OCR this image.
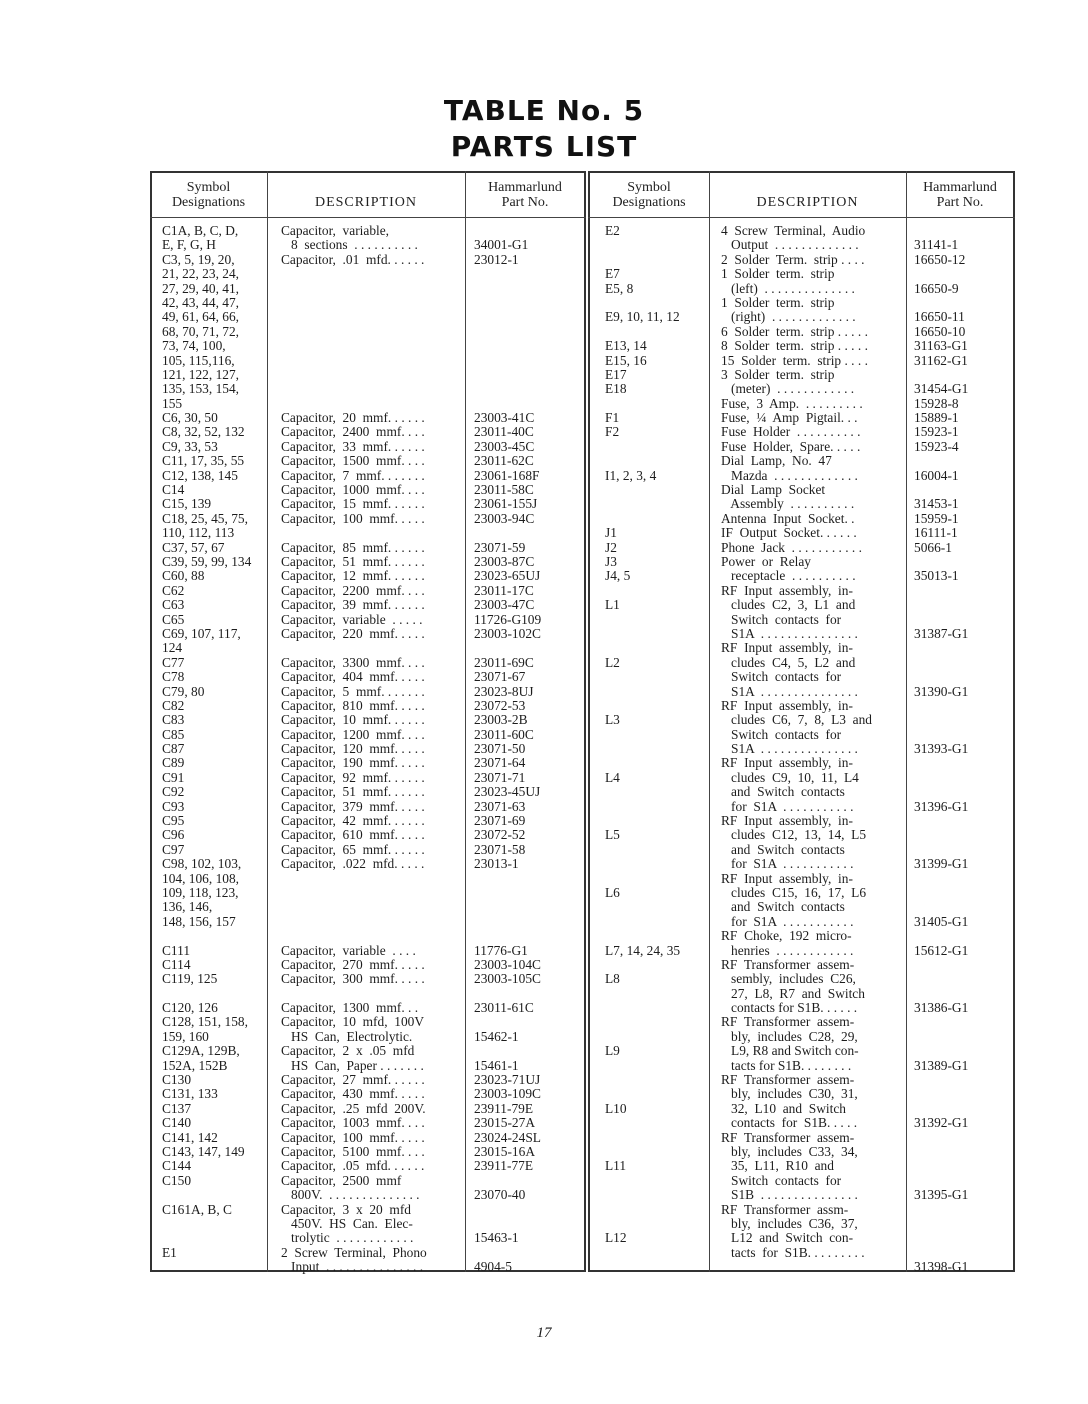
TABLE No. 5
PARTS LIST
Symbol
Designations	DESCRIPTION
Hammarlund
Part No.
Symbol
Designations	DESCRIPTION
Hammarlund
Part No.
C1A, B, C, D,
E, F, G, H
C3, 5, 19, 20,
21, 22, 23, 24,
27, 29, 40, 41,
42, 43, 44, 47,
49, 61, 64, 66,
68, 70, 71, 72,
73, 74, 100,
105, 115,116,
121, 122, 127,
135, 153, 154,
155
C6, 30, 50
C8, 32, 52, 132
C9, 33, 53
C11, 17, 35, 55
C12, 138, 145
C14
C15, 139
C18, 25, 45, 75,
110, 112, 113
C37, 57, 67
C39, 59, 99, 134
C60, 88
C62
C63
C65
C69, 107, 117,
124
C77
C78
C79, 80
C82
C83
C85
C87
C89
C91
C92
C93
C95
C96
C97
C98, 102, 103,
104, 106, 108,
109, 118, 123,
136, 146,
148, 156, 157
C111
C114
C119, 125
C120, 126
C128, 151, 158,
159, 160
C129A, 129B,
152A, 152B
C130
C131, 133
C137
C140
C141, 142
C143, 147, 149
C144
C150
C161A, B, C
E1
Capacitor,  variable,
8  sections  . . . . . . . . . .
Capacitor,  .01  mfd. . . . . .
Capacitor,  20  mmf. . . . . .
Capacitor,  2400  mmf. . . .
Capacitor,  33  mmf. . . . . .
Capacitor,  1500  mmf. . . .
Capacitor,  7  mmf. . . . . . .
Capacitor,  1000  mmf. . . .
Capacitor,  15  mmf. . . . . .
Capacitor,  100  mmf. . . . .
Capacitor,  85  mmf. . . . . .
Capacitor,  51  mmf. . . . . .
Capacitor,  12  mmf. . . . . .
Capacitor,  2200  mmf. . . .
Capacitor,  39  mmf. . . . . .
Capacitor,  variable  . . . . .
Capacitor,  220  mmf. . . . .
Capacitor,  3300  mmf. . . .
Capacitor,  404  mmf. . . . .
Capacitor,  5  mmf. . . . . . .
Capacitor,  810  mmf. . . . .
Capacitor,  10  mmf. . . . . .
Capacitor,  1200  mmf. . . .
Capacitor,  120  mmf. . . . .
Capacitor,  190  mmf. . . . .
Capacitor,  92  mmf. . . . . .
Capacitor,  51  mmf. . . . . .
Capacitor,  379  mmf. . . . .
Capacitor,  42  mmf. . . . . .
Capacitor,  610  mmf. . . . .
Capacitor,  65  mmf. . . . . .
Capacitor,  .022  mfd. . . . .
Capacitor,  variable  . . . .
Capacitor,  270  mmf. . . . .
Capacitor,  300  mmf. . . . .
Capacitor,  1300  mmf. . .
Capacitor,  10  mfd,  100V
HS  Can,  Electrolytic.
Capacitor,  2  x  .05  mfd
HS  Can,  Paper . . . . . . .
Capacitor,  27  mmf. . . . . .
Capacitor,  430  mmf. . . . .
Capacitor,  .25  mfd  200V.
Capacitor,  1003  mmf. . . .
Capacitor,  100  mmf. . . . .
Capacitor,  5100  mmf. . . .
Capacitor,  .05  mfd. . . . . .
Capacitor,  2500  mmf
800V.  . . . . . . . . . . . . . .
Capacitor,  3  x  20  mfd
450V.  HS  Can.  Elec-
trolytic  . . . . . . . . . . . .
2  Screw  Terminal,  Phono
Input  . . . . . . . . . . . . . . .
34001-G1
23012-1
23003-41C
23011-40C
23003-45C
23011-62C
23061-168F
23011-58C
23061-155J
23003-94C
23071-59
23003-87C
23023-65UJ
23011-17C
23003-47C
11726-G109
23003-102C
23011-69C
23071-67
23023-8UJ
23072-53
23003-2B
23011-60C
23071-50
23071-64
23071-71
23023-45UJ
23071-63
23071-69
23072-52
23071-58
23013-1
11776-G1
23003-104C
23003-105C
23011-61C
15462-1
15461-1
23023-71UJ
23003-109C
23911-79E
23015-27A
23024-24SL
23015-16A
23911-77E
23070-40
15463-1
4904-5
E2
E7
E5, 8
E9, 10, 11, 12
E13, 14
E15, 16
E17
E18
F1
F2
I1, 2, 3, 4
J1
J2
J3
J4, 5
L1
L2
L3
L4
L5
L6
L7, 14, 24, 35
L8
L9
L10
L11
L12
4  Screw  Terminal,  Audio
Output  . . . . . . . . . . . . .
2  Solder  Term.  strip . . . .
1  Solder  term.  strip
(left)  . . . . . . . . . . . . . .
1  Solder  term.  strip
(right)  . . . . . . . . . . . . .
6  Solder  term.  strip . . . . .
8  Solder  term.  strip . . . . .
15  Solder  term.  strip . . . .
3  Solder  term.  strip
(meter)  . . . . . . . . . . . .
Fuse,  3  Amp.  . . . . . . . . .
Fuse,  ¼  Amp  Pigtail. . .
Fuse  Holder  . . . . . . . . . .
Fuse  Holder,  Spare. . . . .
Dial  Lamp,  No.  47
Mazda  . . . . . . . . . . . . .
Dial  Lamp  Socket
Assembly  . . . . . . . . . .
Antenna  Input  Socket. .
IF  Output  Socket. . . . . .
Phone  Jack  . . . . . . . . . . .
Power  or  Relay
receptacle  . . . . . . . . . .
RF  Input  assembly,  in-
cludes  C2,  3,  L1  and
Switch  contacts  for
S1A  . . . . . . . . . . . . . . .
RF  Input  assembly,  in-
cludes  C4,  5,  L2  and
Switch  contacts  for
S1A  . . . . . . . . . . . . . . .
RF  Input  assembly,  in-
cludes  C6,  7,  8,  L3  and
Switch  contacts  for
S1A  . . . . . . . . . . . . . . .
RF  Input  assembly,  in-
cludes  C9,  10,  11,  L4
and  Switch  contacts
for  S1A  . . . . . . . . . . .
RF  Input  assembly,  in-
cludes  C12,  13,  14,  L5
and  Switch  contacts
for  S1A  . . . . . . . . . . .
RF  Input  assembly,  in-
cludes  C15,  16,  17,  L6
and  Switch  contacts
for  S1A  . . . . . . . . . . .
RF  Choke,  192  micro-
henries  . . . . . . . . . . . .
RF  Transformer  assem-
sembly,  includes  C26,
27,  L8,  R7  and  Switch
contacts for S1B. . . . . .
RF  Transformer  assem-
bly,  includes  C28,  29,
L9, R8 and Switch con-
tacts for S1B. . . . . . . .
RF  Transformer  assem-
bly,  includes  C30,  31,
32,  L10  and  Switch
contacts  for  S1B. . . . .
RF  Transformer  assem-
bly,  includes  C33,  34,
35,  L11,  R10  and
Switch  contacts  for
S1B  . . . . . . . . . . . . . . .
RF  Transformer  assm-
bly,  includes  C36,  37,
L12  and  Switch  con-
tacts  for  S1B. . . . . . . . .
31141-1
16650-12
16650-9
16650-11
16650-10
31163-G1
31162-G1
31454-G1
15928-8
15889-1
15923-1
15923-4
16004-1
31453-1
15959-1
16111-1
5066-1
35013-1
31387-G1
31390-G1
31393-G1
31396-G1
31399-G1
31405-G1
15612-G1
31386-G1
31389-G1
31392-G1
31395-G1
31398-G1
17
